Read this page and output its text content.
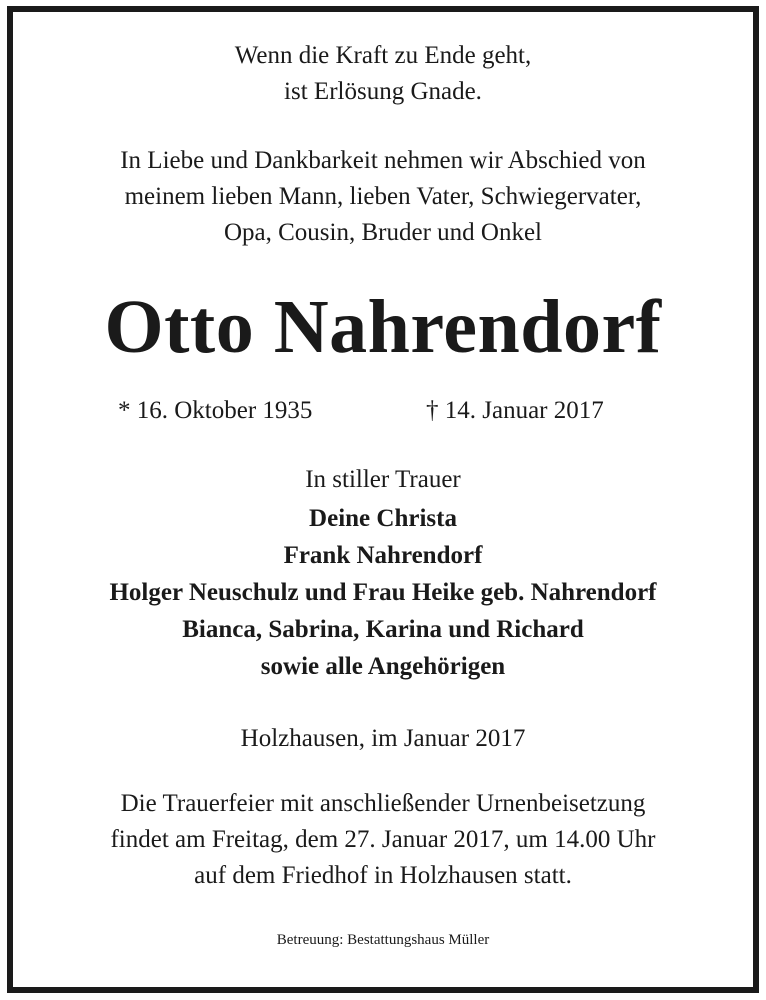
Wenn die Kraft zu Ende geht,
ist Erlösung Gnade.
In Liebe und Dankbarkeit nehmen wir Abschied von
meinem lieben Mann, lieben Vater, Schwiegervater,
Opa, Cousin, Bruder und Onkel
Otto Nahrendorf
* 16. Oktober 1935	† 14. Januar 2017
In stiller Trauer
Deine Christa
Frank Nahrendorf
Holger Neuschulz und Frau Heike geb. Nahrendorf
Bianca, Sabrina, Karina und Richard
sowie alle Angehörigen
Holzhausen, im Januar 2017
Die Trauerfeier mit anschließender Urnenbeisetzung
findet am Freitag, dem 27. Januar 2017, um 14.00 Uhr
auf dem Friedhof in Holzhausen statt.
Betreuung: Bestattungshaus Müller
